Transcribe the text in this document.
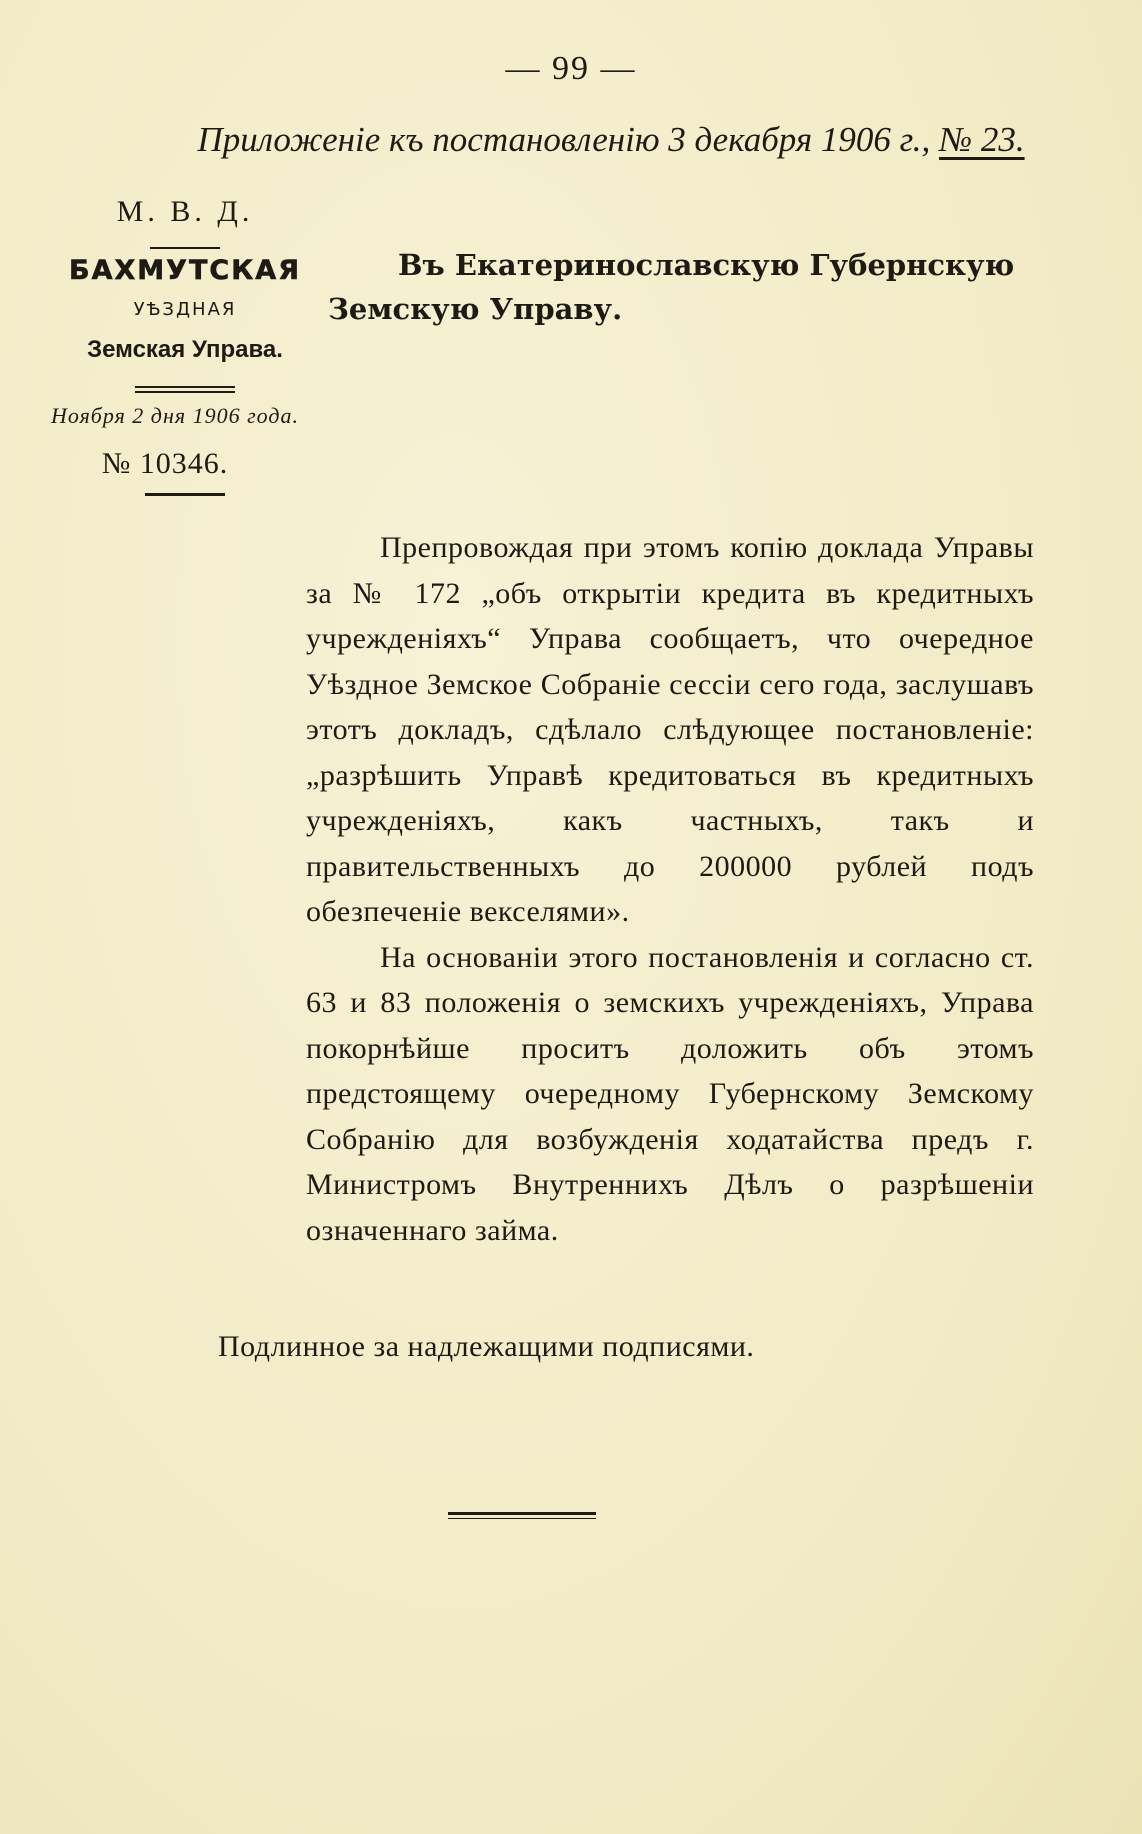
— 99 —
Приложеніе къ постановленію 3 декабря 1906 г., № 23.
М. В. Д.
БАХМУТСКАЯ
УѢЗДНАЯ
Земская Управа.
Ноября 2 дня 1906 года.
№ 10346.
Въ Екатеринославскую Губернскую
Земскую Управу.

Препровождая при этомъ копію доклада Управы за № 172 „объ открытіи кредита въ кредитныхъ учрежденіяхъ“ Управа сообщаетъ, что очередное Уѣздное Земское Собраніе сессіи сего года, заслушавъ этотъ докладъ, сдѣлало слѣдующее постановленіе: „разрѣшить Управѣ кредитоваться въ кредитныхъ учрежденіяхъ, какъ частныхъ, такъ и правительственныхъ до 200000 рублей подъ обезпеченіе векселями».

На основаніи этого постановленія и согласно ст. 63 и 83 положенія о земскихъ учрежденіяхъ, Управа покорнѣйше проситъ доложить объ этомъ предстоящему очередному Губернскому Земскому Собранію для возбужденія ходатайства предъ г. Министромъ Внутреннихъ Дѣлъ о разрѣшеніи означеннаго займа.

Подлинное за надлежащими подписями.
